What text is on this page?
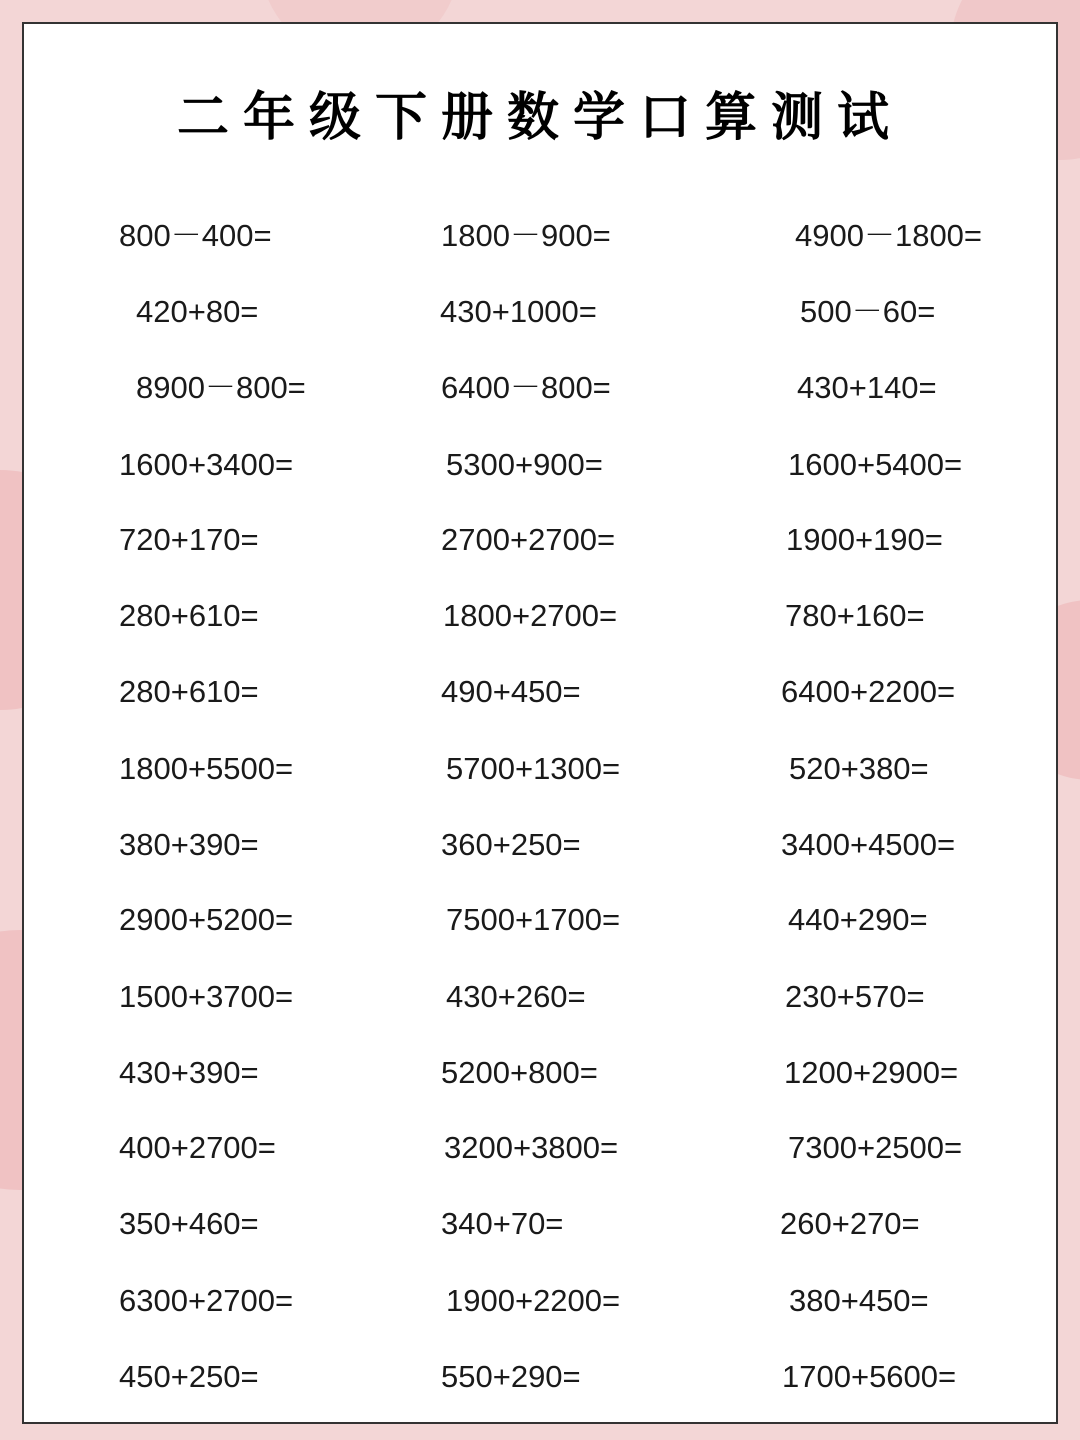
二年级下册数学口算测试
800－400=	1800－900=	4900－1800=
420+80=	430+1000=	500－60=
8900－800=	6400－800=	430+140=
1600+3400=	5300+900=	1600+5400=
720+170=	2700+2700=	1900+190=
280+610=	1800+2700=	780+160=
280+610=	490+450=	6400+2200=
1800+5500=	5700+1300=	520+380=
380+390=	360+250=	3400+4500=
2900+5200=	7500+1700=	440+290=
1500+3700=	430+260=	230+570=
430+390=	5200+800=	1200+2900=
400+2700=	3200+3800=	7300+2500=
350+460=	340+70=	260+270=
6300+2700=	1900+2200=	380+450=
450+250=	550+290=	1700+5600=
